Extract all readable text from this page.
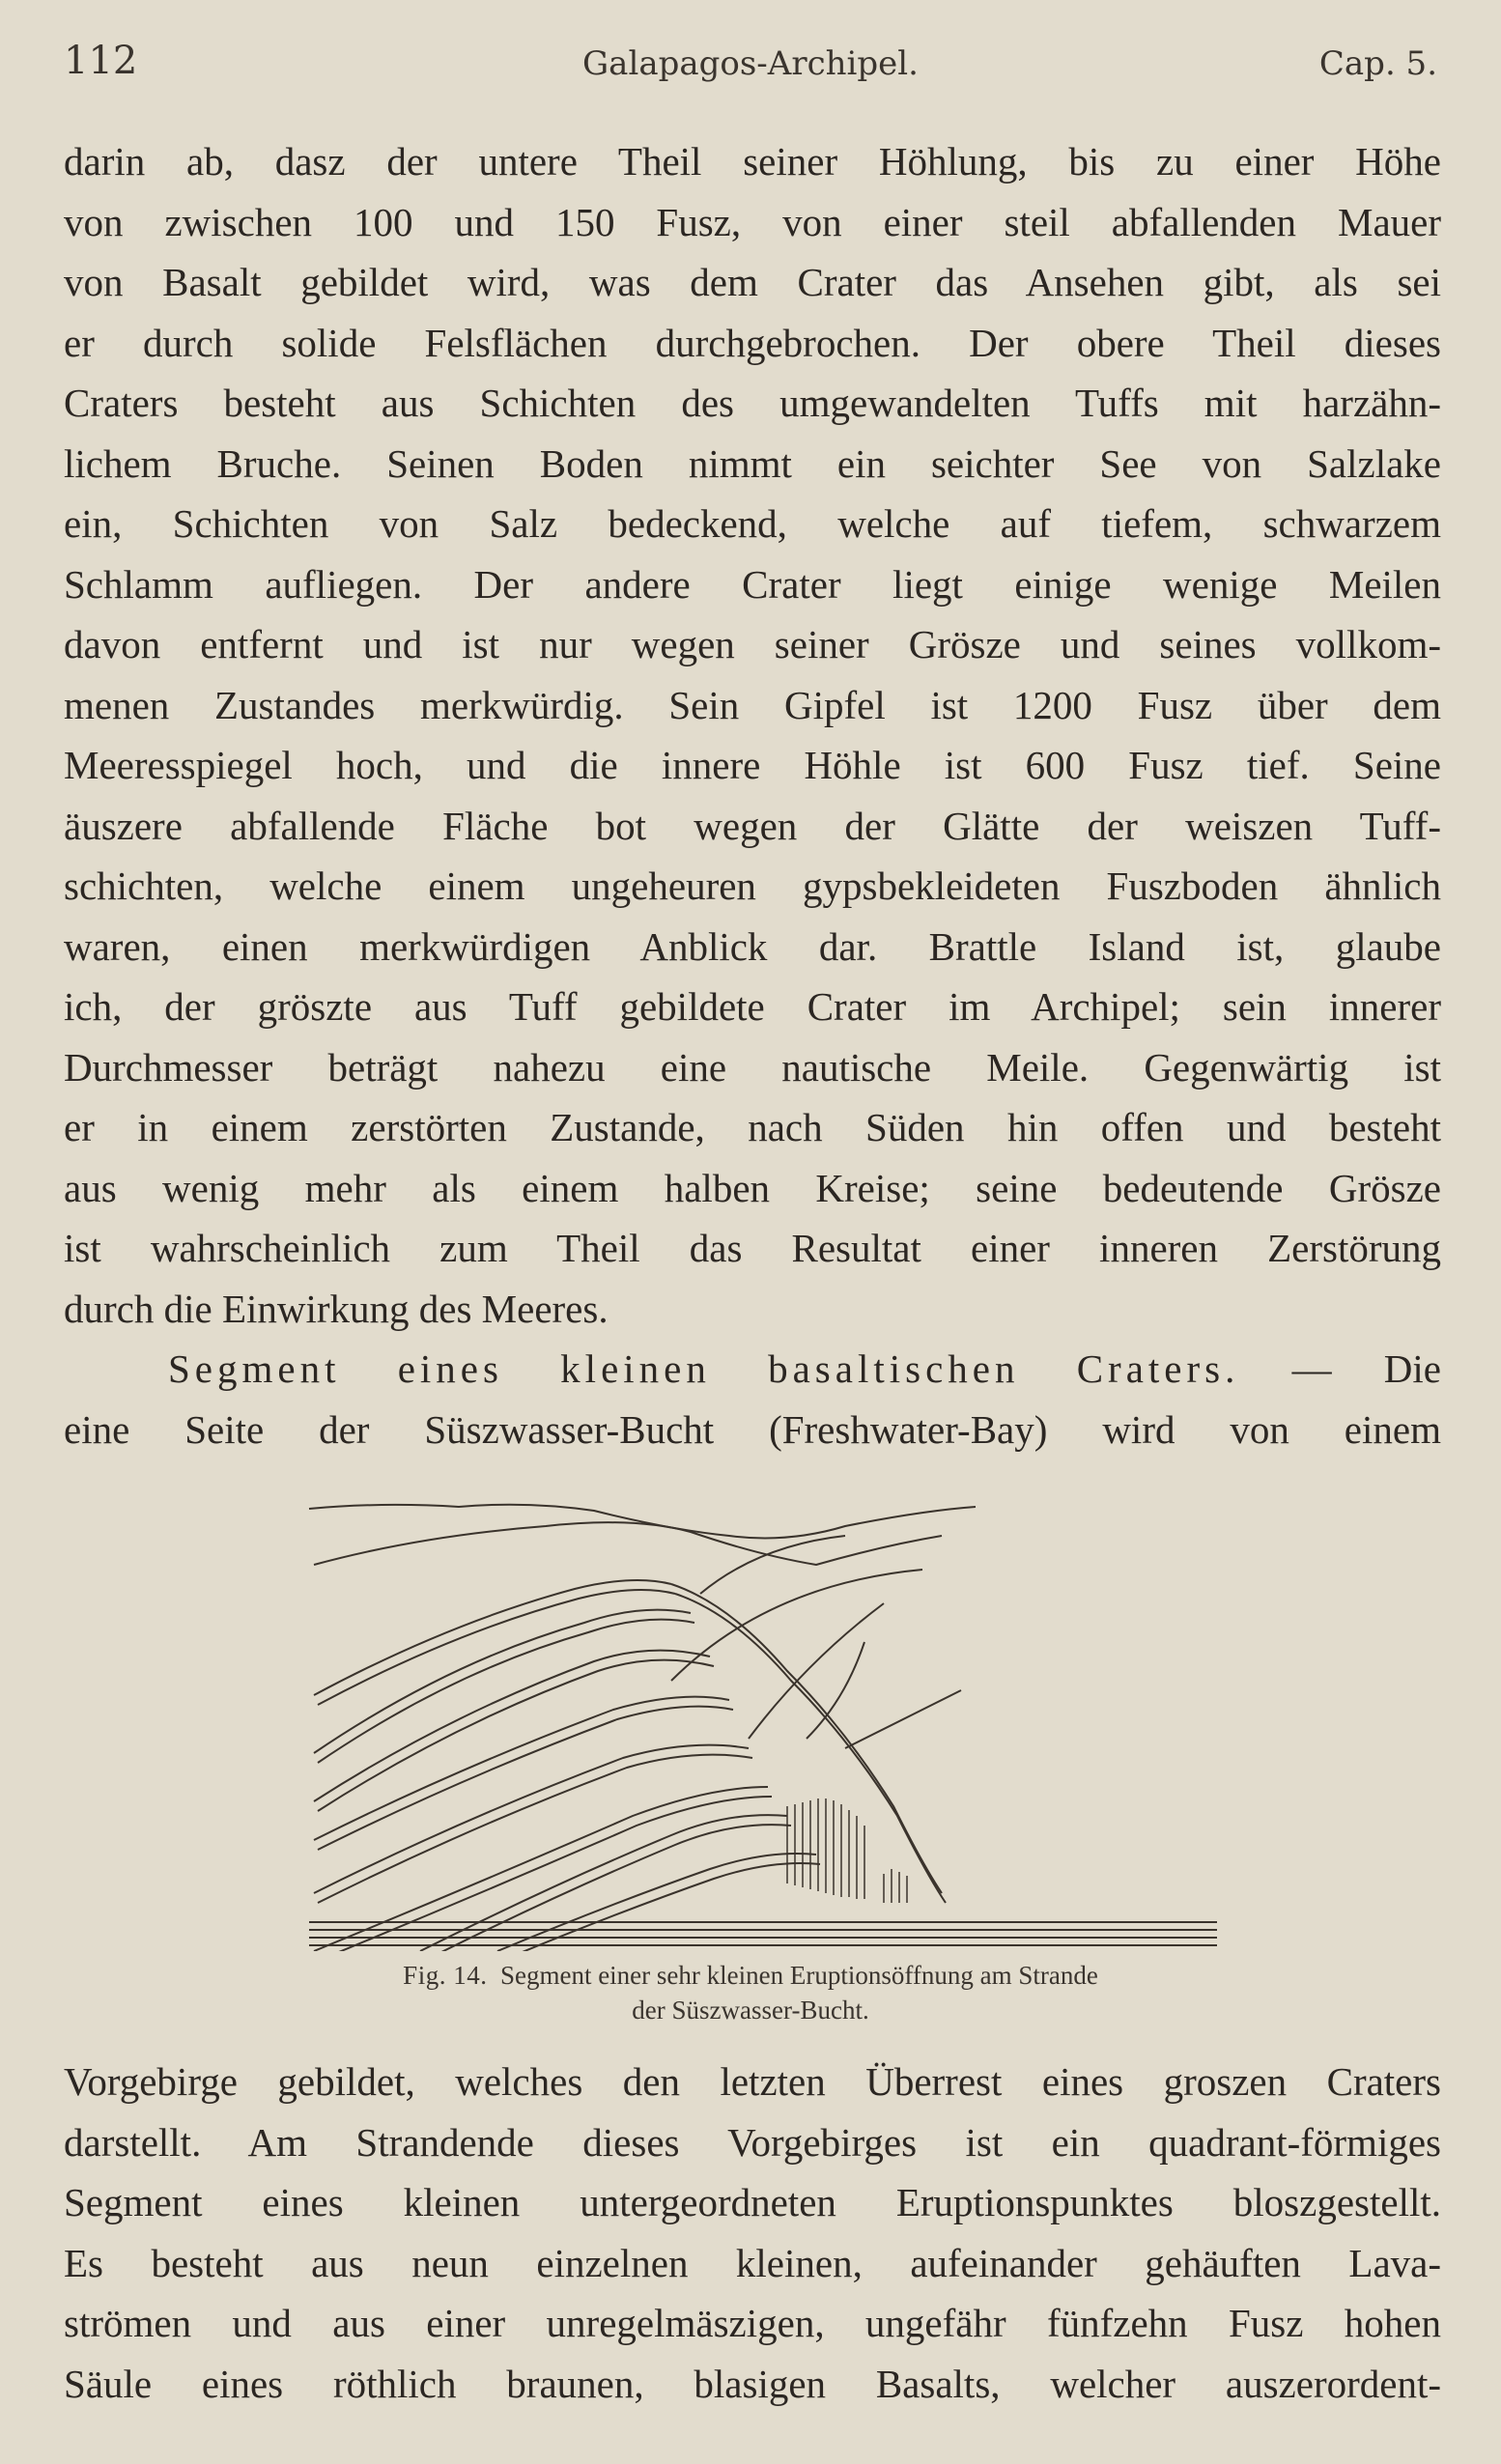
112	Galapagos-Archipel.	Cap. 5.
darin ab, dasz der untere Theil seiner Höhlung, bis zu einer Höhe
von zwischen 100 und 150 Fusz, von einer steil abfallenden Mauer
von Basalt gebildet wird, was dem Crater das Ansehen gibt, als sei
er durch solide Felsflächen durchgebrochen. Der obere Theil dieses
Craters besteht aus Schichten des umgewandelten Tuffs mit harzähn-
lichem Bruche. Seinen Boden nimmt ein seichter See von Salzlake
ein, Schichten von Salz bedeckend, welche auf tiefem, schwarzem
Schlamm aufliegen. Der andere Crater liegt einige wenige Meilen
davon entfernt und ist nur wegen seiner Grösze und seines vollkom-
menen Zustandes merkwürdig. Sein Gipfel ist 1200 Fusz über dem
Meeresspiegel hoch, und die innere Höhle ist 600 Fusz tief. Seine
äuszere abfallende Fläche bot wegen der Glätte der weiszen Tuff-
schichten, welche einem ungeheuren gypsbekleideten Fuszboden ähnlich
waren, einen merkwürdigen Anblick dar. Brattle Island ist, glaube
ich, der gröszte aus Tuff gebildete Crater im Archipel; sein innerer
Durchmesser beträgt nahezu eine nautische Meile. Gegenwärtig ist
er in einem zerstörten Zustande, nach Süden hin offen und besteht
aus wenig mehr als einem halben Kreise; seine bedeutende Grösze
ist wahrscheinlich zum Theil das Resultat einer inneren Zerstörung
durch die Einwirkung des Meeres.
Segment eines kleinen basaltischen Craters. — Die
eine Seite der Süszwasser-Bucht (Freshwater-Bay) wird von einem
Fig. 14. Segment einer sehr kleinen Eruptionsöffnung am Strande
der Süszwasser-Bucht.
Vorgebirge gebildet, welches den letzten Überrest eines groszen Craters
darstellt. Am Strandende dieses Vorgebirges ist ein quadrant-förmiges
Segment eines kleinen untergeordneten Eruptionspunktes bloszgestellt.
Es besteht aus neun einzelnen kleinen, aufeinander gehäuften Lava-
strömen und aus einer unregelmäszigen, ungefähr fünfzehn Fusz hohen
Säule eines röthlich braunen, blasigen Basalts, welcher auszerordent-
